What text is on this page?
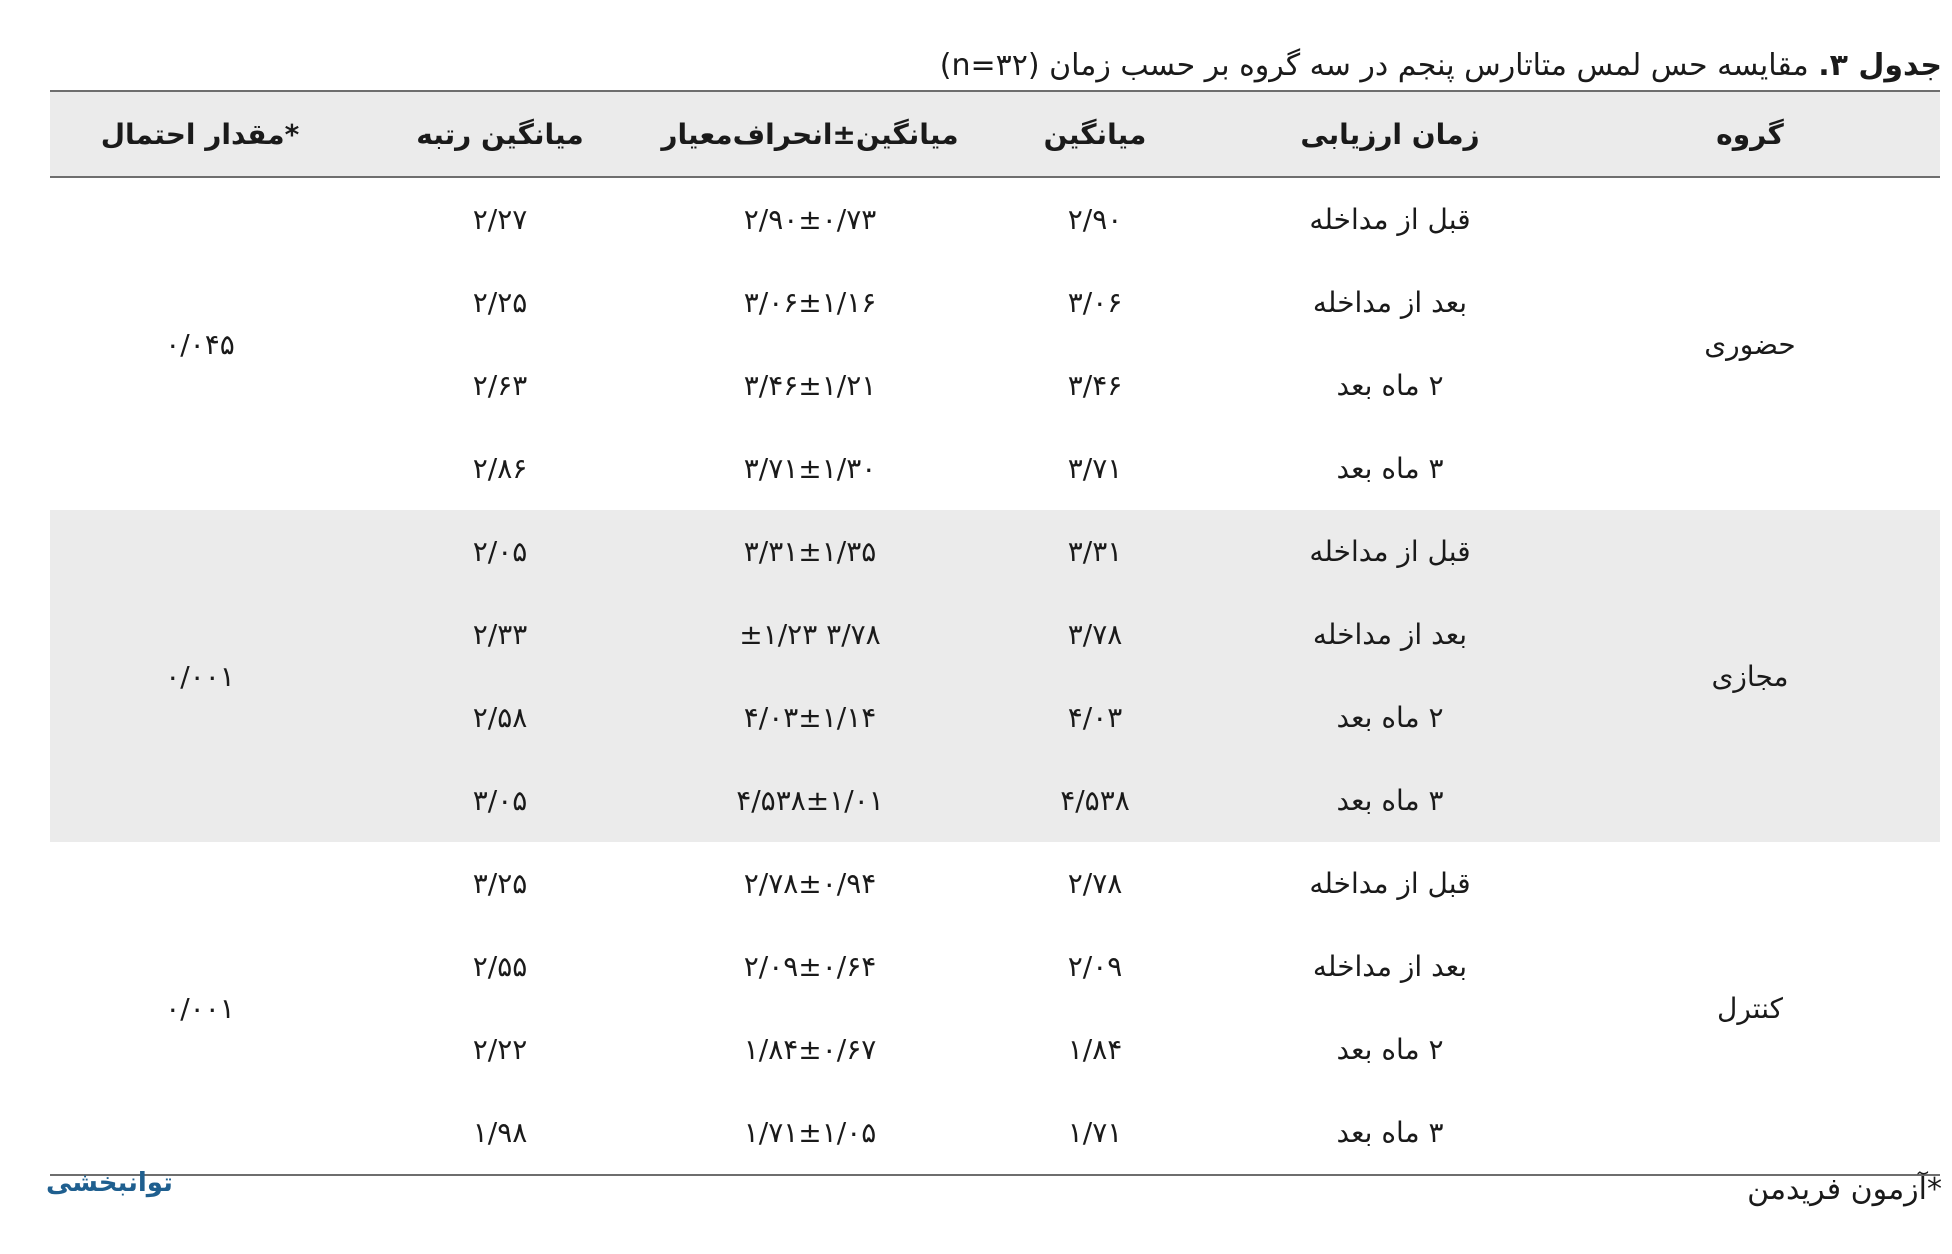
جدول ۳. مقایسه حس لمس متاتارس پنجم در سه گروه بر حسب زمان (n=۳۲)
گروه
زمان ارزیابی
میانگین
میانگین±انحراف‌معیار
میانگین رتبه
*مقدار احتمال
حضوری
قبل از مداخله
۲/۹۰
۲/۹۰±۰/۷۳
۲/۲۷
بعد از مداخله
۳/۰۶
۳/۰۶±۱/۱۶
۲/۲۵
۲ ماه بعد
۳/۴۶
۳/۴۶±۱/۲۱
۲/۶۳
۳ ماه بعد
۳/۷۱
۳/۷۱±۱/۳۰
۲/۸۶
۰/۰۴۵
مجازی
قبل از مداخله
۳/۳۱
۳/۳۱±۱/۳۵
۲/۰۵
بعد از مداخله
۳/۷۸
۳/۷۸ ±۱/۲۳
۲/۳۳
۲ ماه بعد
۴/۰۳
۴/۰۳±۱/۱۴
۲/۵۸
۳ ماه بعد
۴/۵۳۸
۴/۵۳۸±۱/۰۱
۳/۰۵
۰/۰۰۱
کنترل
قبل از مداخله
۲/۷۸
۲/۷۸±۰/۹۴
۳/۲۵
بعد از مداخله
۲/۰۹
۲/۰۹±۰/۶۴
۲/۵۵
۲ ماه بعد
۱/۸۴
۱/۸۴±۰/۶۷
۲/۲۲
۳ ماه بعد
۱/۷۱
۱/۷۱±۱/۰۵
۱/۹۸
۰/۰۰۱
*آزمون فریدمن
توانبخشی
